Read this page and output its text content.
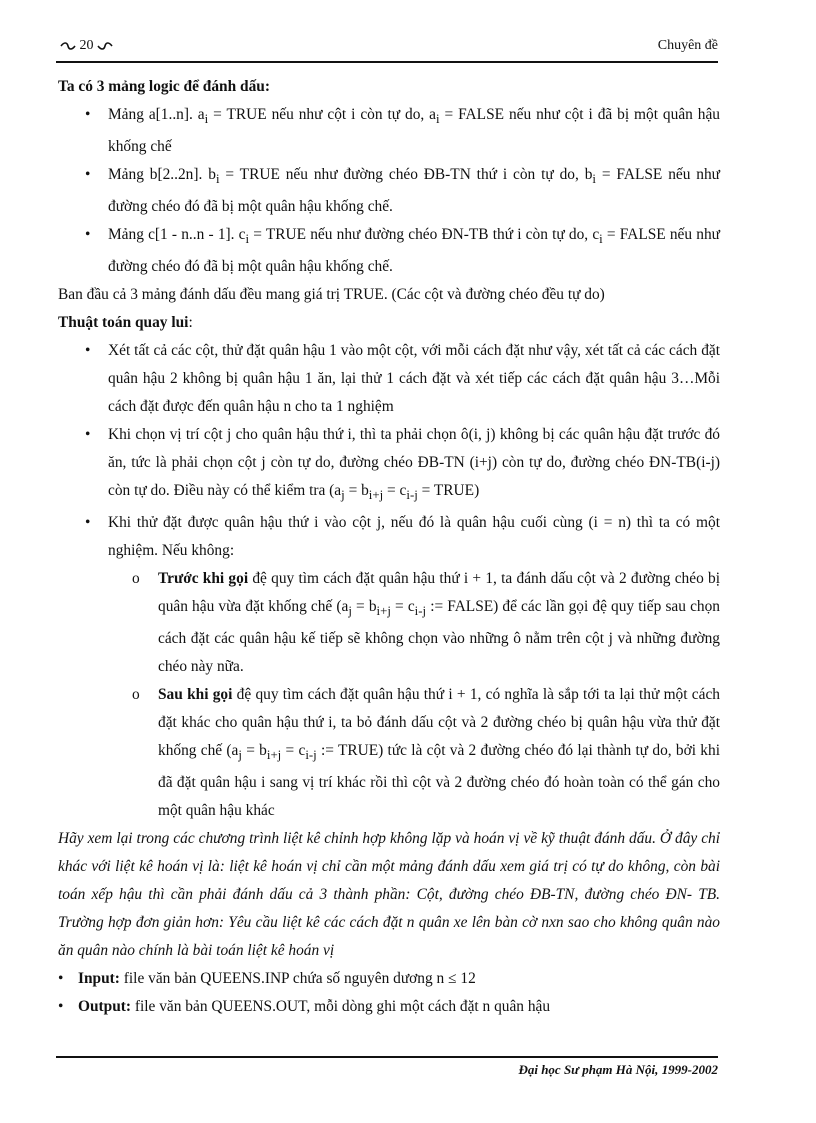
20	Chuyên đề

Ta có 3 mảng logic để đánh dấu:

• Mảng a[1..n]. $a_i$ = TRUE nếu như cột i còn tự do, $a_i$ = FALSE nếu như cột i đã bị một quân hậu khống chế
• Mảng b[2..2n]. $b_i$ = TRUE nếu như đường chéo ĐB-TN thứ i còn tự do, $b_i$ = FALSE nếu như đường chéo đó đã bị một quân hậu khống chế.
• Mảng c[1 - n..n - 1]. $c_i$ = TRUE nếu như đường chéo ĐN-TB thứ i còn tự do, $c_i$ = FALSE nếu như đường chéo đó đã bị một quân hậu khống chế.

Ban đầu cả 3 mảng đánh dấu đều mang giá trị TRUE. (Các cột và đường chéo đều tự do)

Thuật toán quay lui:

• Xét tất cả các cột, thử đặt quân hậu 1 vào một cột, với mỗi cách đặt như vậy, xét tất cả các cách đặt quân hậu 2 không bị quân hậu 1 ăn, lại thử 1 cách đặt và xét tiếp các cách đặt quân hậu 3…Mỗi cách đặt được đến quân hậu n cho ta 1 nghiệm
• Khi chọn vị trí cột j cho quân hậu thứ i, thì ta phải chọn ô(i, j) không bị các quân hậu đặt trước đó ăn, tức là phải chọn cột j còn tự do, đường chéo ĐB-TN (i+j) còn tự do, đường chéo ĐN-TB(i-j) còn tự do. Điều này có thể kiểm tra ($a_j = b_{i+j} = c_{i-j}$ = TRUE)
• Khi thử đặt được quân hậu thứ i vào cột j, nếu đó là quân hậu cuối cùng (i = n) thì ta có một nghiệm. Nếu không:
o Trước khi gọi đệ quy tìm cách đặt quân hậu thứ i + 1, ta đánh dấu cột và 2 đường chéo bị quân hậu vừa đặt khống chế ($a_j = b_{i+j} = c_{i-j}$ := FALSE) để các lần gọi đệ quy tiếp sau chọn cách đặt các quân hậu kế tiếp sẽ không chọn vào những ô nằm trên cột j và những đường chéo này nữa.
o Sau khi gọi đệ quy tìm cách đặt quân hậu thứ i + 1, có nghĩa là sắp tới ta lại thử một cách đặt khác cho quân hậu thứ i, ta bỏ đánh dấu cột và 2 đường chéo bị quân hậu vừa thử đặt khống chế ($a_j = b_{i+j} = c_{i-j}$ := TRUE) tức là cột và 2 đường chéo đó lại thành tự do, bởi khi đã đặt quân hậu i sang vị trí khác rồi thì cột và 2 đường chéo đó hoàn toàn có thể gán cho một quân hậu khác

Hãy xem lại trong các chương trình liệt kê chỉnh hợp không lặp và hoán vị về kỹ thuật đánh dấu. Ở đây chỉ khác với liệt kê hoán vị là: liệt kê hoán vị chỉ cần một mảng đánh dấu xem giá trị có tự do không, còn bài toán xếp hậu thì cần phải đánh dấu cả 3 thành phần: Cột, đường chéo ĐB-TN, đường chéo ĐN- TB. Trường hợp đơn giản hơn: Yêu cầu liệt kê các cách đặt n quân xe lên bàn cờ nxn sao cho không quân nào ăn quân nào chính là bài toán liệt kê hoán vị

• Input: file văn bản QUEENS.INP chứa số nguyên dương n ≤ 12
• Output: file văn bản QUEENS.OUT, mỗi dòng ghi một cách đặt n quân hậu
Đại học Sư phạm Hà Nội, 1999-2002
